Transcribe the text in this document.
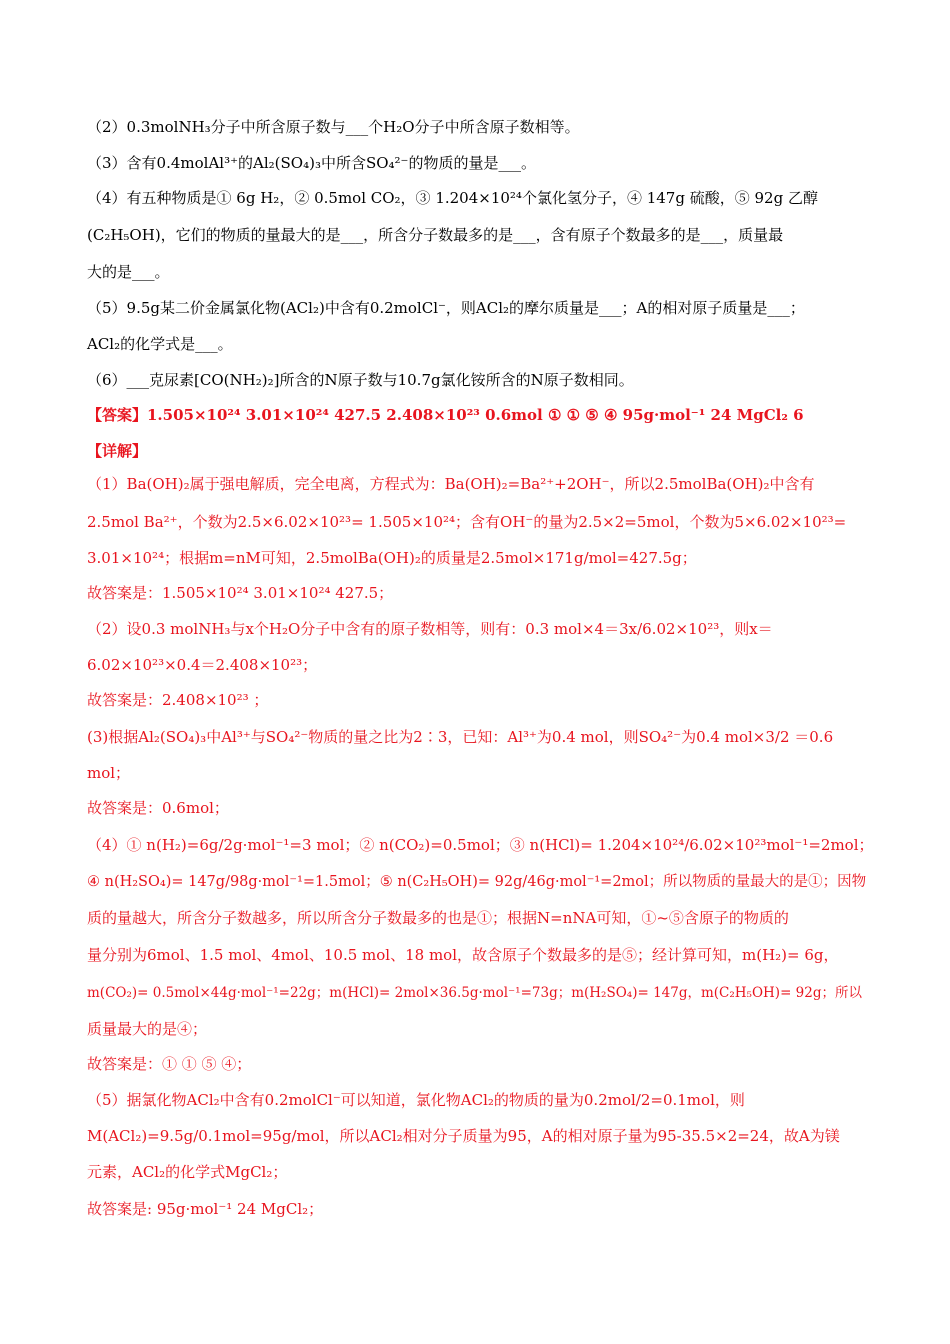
（2）0.3molNH₃分子中所含原子数与___个H₂O分子中所含原子数相等。
（3）含有0.4molAl³⁺的Al₂(SO₄)₃中所含SO₄²⁻的物质的量是___。
（4）有五种物质是① 6g H₂，② 0.5mol CO₂，③ 1.204×10²⁴个氯化氢分子，④ 147g 硫酸，⑤ 92g 乙醇
(C₂H₅OH)，它们的物质的量最大的是___，所含分子数最多的是___，含有原子个数最多的是___，质量最
大的是___。
（5）9.5g某二价金属氯化物(ACl₂)中含有0.2molCl⁻，则ACl₂的摩尔质量是___；A的相对原子质量是___；
ACl₂的化学式是___。
（6）___克尿素[CO(NH₂)₂]所含的N原子数与10.7g氯化铵所含的N原子数相同。
【答案】1.505×10²⁴ 3.01×10²⁴ 427.5 2.408×10²³ 0.6mol ① ① ⑤ ④ 95g·mol⁻¹ 24 MgCl₂ 6
【详解】
（1）Ba(OH)₂属于强电解质，完全电离，方程式为：Ba(OH)₂=Ba²⁺+2OH⁻，所以2.5molBa(OH)₂中含有
2.5mol Ba²⁺，个数为2.5×6.02×10²³= 1.505×10²⁴；含有OH⁻的量为2.5×2=5mol，个数为5×6.02×10²³=
3.01×10²⁴；根据m=nM可知，2.5molBa(OH)₂的质量是2.5mol×171g/mol=427.5g；
故答案是：1.505×10²⁴ 3.01×10²⁴ 427.5；
（2）设0.3 molNH₃与x个H₂O分子中含有的原子数相等，则有：0.3 mol×4＝3x/6.02×10²³，则x＝
6.02×10²³×0.4＝2.408×10²³；
故答案是：2.408×10²³ ；
(3)根据Al₂(SO₄)₃中Al³⁺与SO₄²⁻物质的量之比为2∶3，已知：Al³⁺为0.4 mol，则SO₄²⁻为0.4 mol×3/2 ＝0.6
mol；
故答案是：0.6mol；
（4）① n(H₂)=6g/2g·mol⁻¹=3 mol；② n(CO₂)=0.5mol；③ n(HCl)= 1.204×10²⁴/6.02×10²³mol⁻¹=2mol；
④ n(H₂SO₄)= 147g/98g·mol⁻¹=1.5mol；⑤ n(C₂H₅OH)= 92g/46g·mol⁻¹=2mol；所以物质的量最大的是①；因物
质的量越大，所含分子数越多，所以所含分子数最多的也是①；根据N=nNA可知，①~⑤含原子的物质的
量分别为6mol、1.5 mol、4mol、10.5 mol、18 mol，故含原子个数最多的是⑤；经计算可知，m(H₂)= 6g，
m(CO₂)= 0.5mol×44g·mol⁻¹=22g；m(HCl)= 2mol×36.5g·mol⁻¹=73g；m(H₂SO₄)= 147g，m(C₂H₅OH)= 92g；所以
质量最大的是④；
故答案是：① ① ⑤ ④；
（5）据氯化物ACl₂中含有0.2molCl⁻可以知道，氯化物ACl₂的物质的量为0.2mol/2=0.1mol，则
M(ACl₂)=9.5g/0.1mol=95g/mol，所以ACl₂相对分子质量为95，A的相对原子量为95-35.5×2=24，故A为镁
元素，ACl₂的化学式MgCl₂；
故答案是: 95g·mol⁻¹ 24 MgCl₂；
